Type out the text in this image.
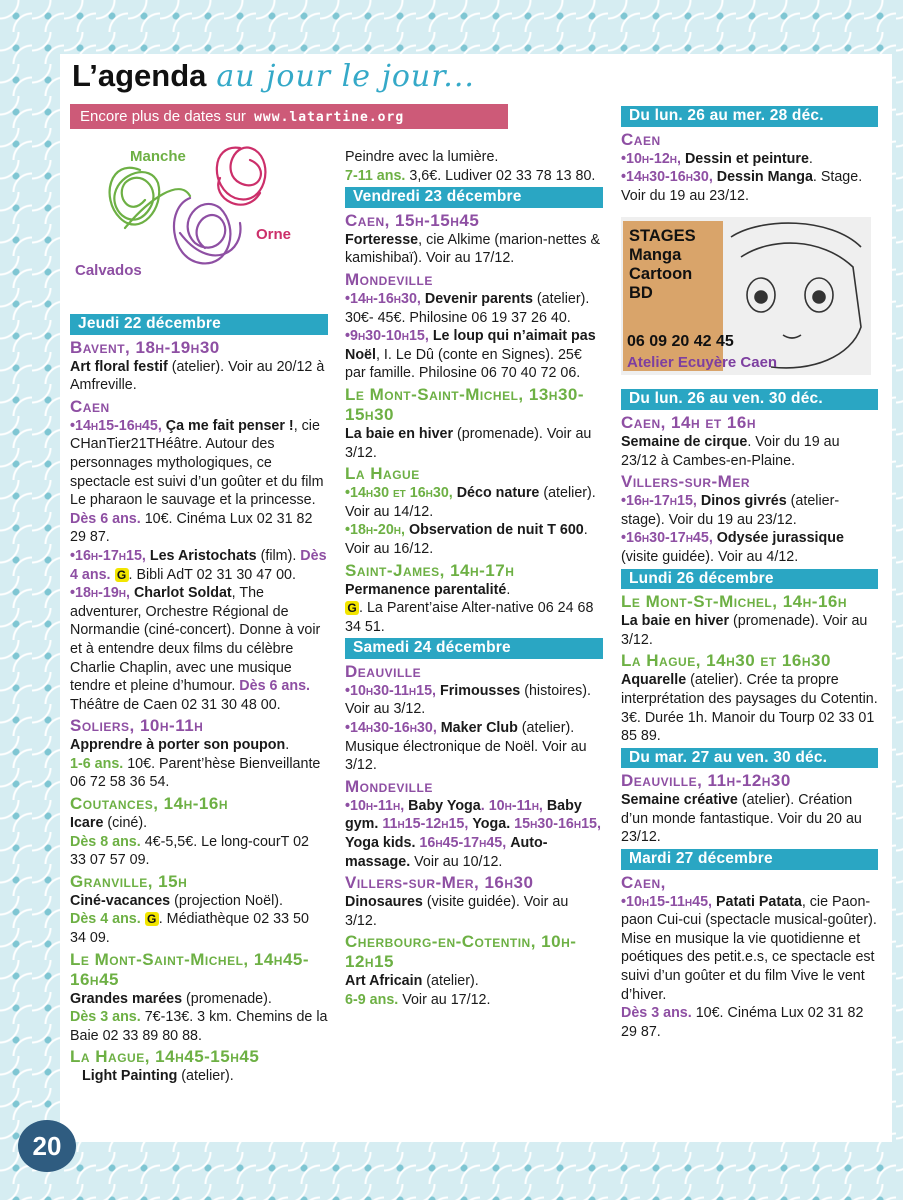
L’agenda au jour le jour...
Encore plus de dates sur www.latartine.org
Manche
Orne
Calvados
Jeudi 22 décembre
Bavent, 18h-19h30

Art floral festif (atelier). Voir au 20/12 à Amfreville.

Caen

•14h15-16h45, Ça me fait penser !, cie CHanTier21THéâtre. Autour des personnages mythologiques, ce spectacle est suivi d’un goûter et du film Le pharaon le sauvage et la princesse. Dès 6 ans. 10€. Cinéma Lux 02 31 82 29 87.

•16h-17h15, Les Aristochats (film). Dès 4 ans. G . Bibli AdT 02 31 30 47 00.

•18h-19h, Charlot Soldat, The adventurer, Orchestre Régional de Normandie (ciné-concert). Donne à voir et à entendre deux films du célèbre Charlie Chaplin, avec une musique tendre et pleine d’humour. Dès 6 ans. Théâtre de Caen 02 31 30 48 00.

Soliers, 10h-11h

Apprendre à porter son poupon.
1-6 ans. 10€. Parent’hèse Bienveillante 06 72 58 36 54.

Coutances, 14h-16h

Icare (ciné).
Dès 8 ans. 4€-5,5€. Le long-courT 02 33 07 57 09.

Granville, 15h

Ciné-vacances (projection Noël).
Dès 4 ans. G . Médiathèque 02 33 50 34 09.

Le Mont-Saint-Michel, 14h45-16h45

Grandes marées (promenade).
Dès 3 ans. 7€-13€. 3 km. Chemins de la Baie 02 33 89 80 88.

La Hague, 14h45-15h45

Light Painting (atelier).

Peindre avec la lumière.
7-11 ans. 3,6€. Ludiver 02 33 78 13 80.

Vendredi 23 décembre
Caen, 15h-15h45

Forteresse, cie Alkime (marion-nettes & kamishibaï). Voir au 17/12.

Mondeville

•14h-16h30, Devenir parents (atelier). 30€- 45€. Philosine 06 19 37 26 40.

•9h30-10h15, Le loup qui n’aimait pas Noël, I. Le Dû (conte en Signes). 25€ par famille. Philosine 06 70 40 72 06.

Le Mont-Saint-Michel, 13h30-15h30

La baie en hiver (promenade). Voir au 3/12.

La Hague

•14h30 et 16h30, Déco nature (atelier). Voir au 14/12.

•18h-20h, Observation de nuit T 600. Voir au 16/12.

Saint-James, 14h-17h

Permanence parentalité.
G . La Parent’aise Alter-native 06 24 68 34 51.

Samedi 24 décembre
Deauville

•10h30-11h15, Frimousses (histoires). Voir au 3/12.

•14h30-16h30, Maker Club (atelier). Musique électronique de Noël. Voir au 3/12.

Mondeville

•10h-11h, Baby Yoga. 10h-11h, Baby gym. 11h15-12h15, Yoga. 15h30-16h15, Yoga kids. 16h45-17h45, Auto-massage. Voir au 10/12.

Villers-sur-Mer, 16h30

Dinosaures (visite guidée). Voir au 3/12.

Cherbourg-en-Cotentin, 10h-12h15

Art Africain (atelier).
6-9 ans. Voir au 17/12.

Du lun. 26 au mer. 28 déc.
Caen

•10h-12h, Dessin et peinture.

•14h30-16h30, Dessin Manga. Stage. Voir du 19 au 23/12.

STAGES
Manga
Cartoon
BD
06 09 20 42 45
Atelier Ecuyère Caen
Du lun. 26 au ven. 30 déc.
Caen, 14h et 16h

Semaine de cirque. Voir du 19 au 23/12 à Cambes-en-Plaine.

Villers-sur-Mer

•16h-17h15, Dinos givrés (atelier-stage). Voir du 19 au 23/12.

•16h30-17h45, Odysée jurassique (visite guidée). Voir au 4/12.

Lundi 26 décembre
Le Mont-St-Michel, 14h-16h

La baie en hiver (promenade). Voir au 3/12.

La Hague, 14h30 et 16h30

Aquarelle (atelier). Crée ta propre interprétation des paysages du Cotentin. 3€. Durée 1h. Manoir du Tourp 02 33 01 85 89.

Du mar. 27 au ven. 30 déc.
Deauville, 11h-12h30

Semaine créative (atelier). Création d’un monde fantastique. Voir du 20 au 23/12.

Mardi 27 décembre
Caen,

•10h15-11h45, Patati Patata, cie Paon-paon Cui-cui (spectacle musical-goûter). Mise en musique la vie quotidienne et poétiques des petit.e.s, ce spectacle est suivi d’un goûter et du film Vive le vent d’hiver.
Dès 3 ans. 10€. Cinéma Lux 02 31 82 29 87.

20
